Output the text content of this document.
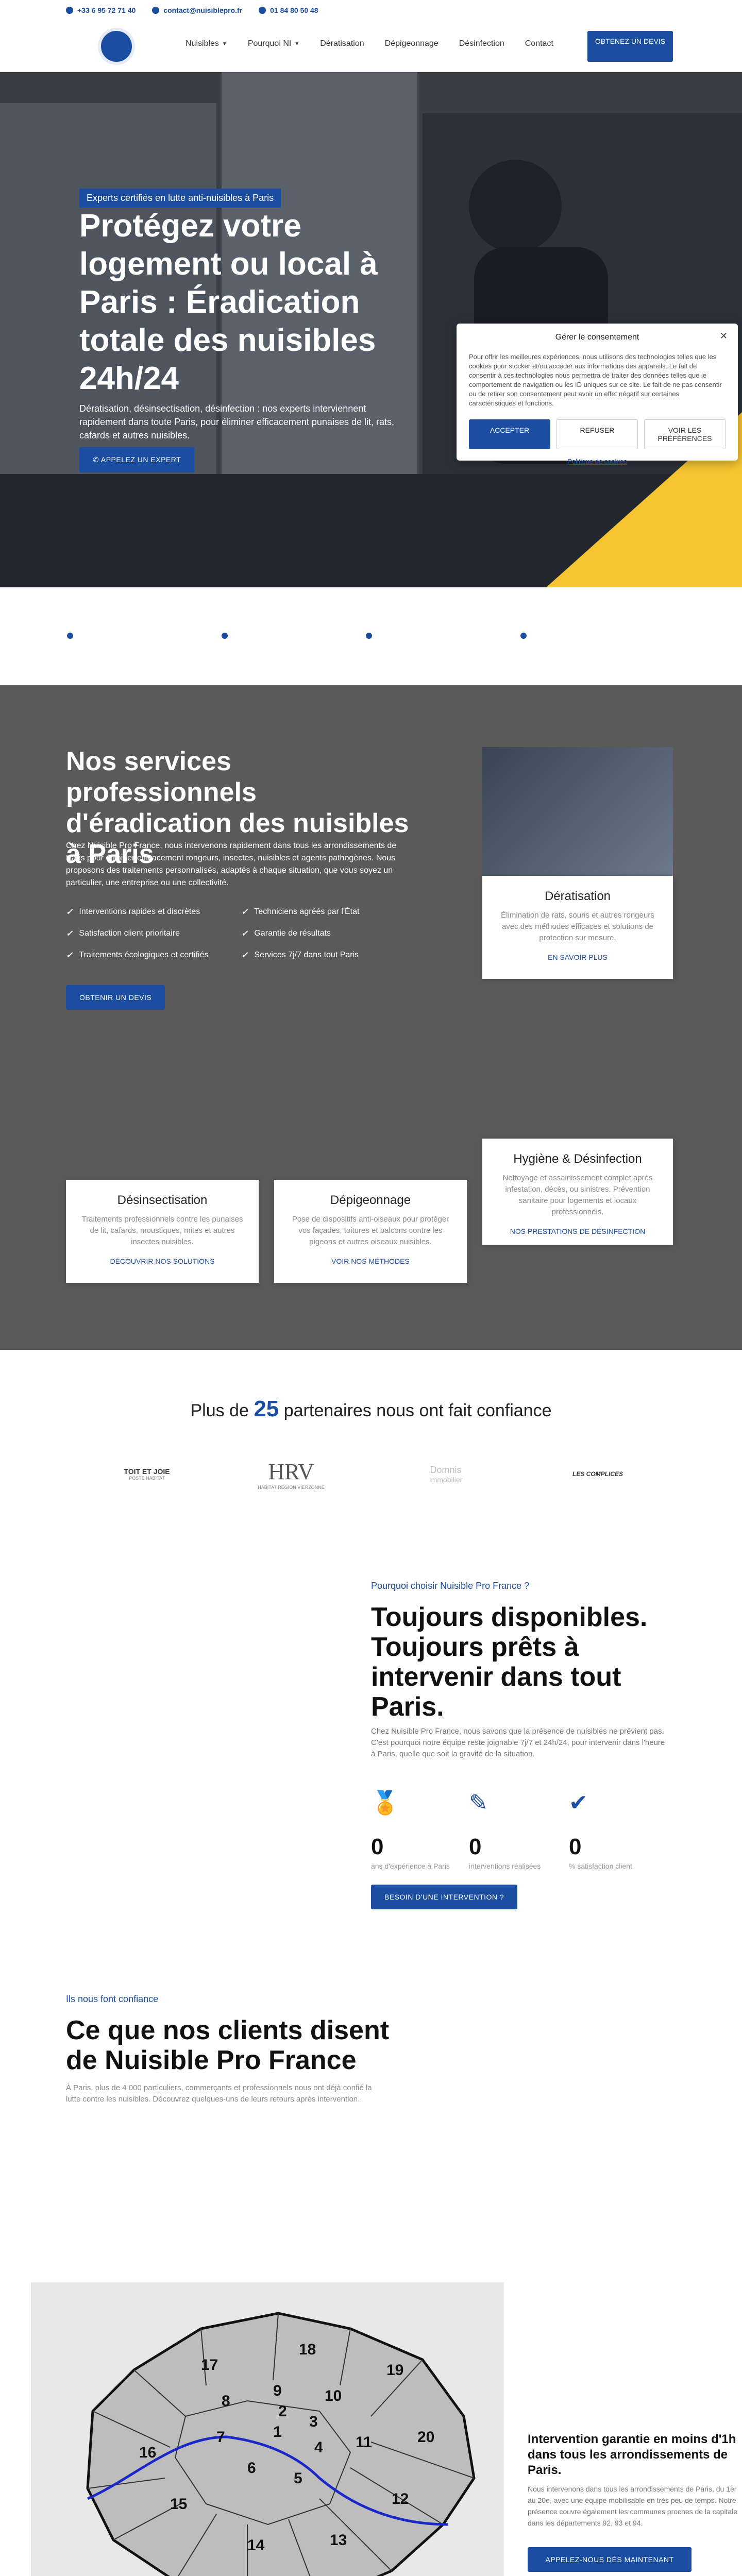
+33 6 95 72 71 40	contact@nuisiblepro.fr	01 84 80 50 48
Nuisibles ▼	Pourquoi NI ▼	Dératisation	Dépigeonnage	Désinfection	Contact	OBTENEZ UN DEVIS
Experts certifiés en lutte anti-nuisibles à Paris
Protégez votre logement ou local à Paris : Éradication totale des nuisibles 24h/24

Dératisation, désinsectisation, désinfection : nos experts interviennent rapidement dans toute Paris, pour éliminer efficacement punaises de lit, rats, cafards et autres nuisibles.

✆ APPELEZ UN EXPERT
✕
Gérer le consentement

Pour offrir les meilleures expériences, nous utilisons des technologies telles que les cookies pour stocker et/ou accéder aux informations des appareils. Le fait de consentir à ces technologies nous permettra de traiter des données telles que le comportement de navigation ou les ID uniques sur ce site. Le fait de ne pas consentir ou de retirer son consentement peut avoir un effet négatif sur certaines caractéristiques et fonctions.

ACCEPTER	REFUSER	VOIR LES PRÉFÉRENCES
Politique de cookies
Nos services professionnels d'éradication des nuisibles à Paris

Chez Nuisible Pro France, nous intervenons rapidement dans tous les arrondissements de Paris pour éliminer efficacement rongeurs, insectes, nuisibles et agents pathogènes. Nous proposons des traitements personnalisés, adaptés à chaque situation, que vous soyez un particulier, une entreprise ou une collectivité.

✓ Interventions rapides et discrètes	✓ Techniciens agréés par l'État
✓ Satisfaction client prioritaire	✓ Garantie de résultats
✓ Traitements écologiques et certifiés	✓ Services 7j/7 dans tout Paris
OBTENIR UN DEVIS
Dératisation

Élimination de rats, souris et autres rongeurs avec des méthodes efficaces et solutions de protection sur mesure.

EN SAVOIR PLUS
Hygiène & Désinfection

Nettoyage et assainissement complet après infestation, décès, ou sinistres. Prévention sanitaire pour logements et locaux professionnels.

NOS PRESTATIONS DE DÉSINFECTION
Désinsectisation

Traitements professionnels contre les punaises de lit, cafards, moustiques, mites et autres insectes nuisibles.

DÉCOUVRIR NOS SOLUTIONS
Dépigeonnage

Pose de dispositifs anti-oiseaux pour protéger vos façades, toitures et balcons contre les pigeons et autres oiseaux nuisibles.

VOIR NOS MÉTHODES
Plus de 25 partenaires nous ont fait confiance
TOIT ET JOIE
POSTE HABITAT	HRV
HABITAT REGION VIERZONNE
Domnis
Immobilier
LES COMPLICES
Pourquoi choisir Nuisible Pro France ?
Toujours disponibles. Toujours prêts à intervenir dans tout Paris.

Chez Nuisible Pro France, nous savons que la présence de nuisibles ne prévient pas. C'est pourquoi notre équipe reste joignable 7j/7 et 24h/24, pour intervenir dans l'heure à Paris, quelle que soit la gravité de la situation.

🏅
0
ans d'expérience à Paris
✎
0
interventions réalisées
✔
0
% satisfaction client
BESOIN D'UNE INTERVENTION ?
Ils nous font confiance
Ce que nos clients disent de Nuisible Pro France

À Paris, plus de 4 000 particuliers, commerçants et professionnels nous ont déjà confié la lutte contre les nuisibles. Découvrez quelques-uns de leurs retours après intervention.

1
2
3
4
5
6
7
8
9	10
11
12
13
14
15
16
17
18
19
20	Intervention garantie en moins d'1h dans tous les arrondissements de Paris.

Nous intervenons dans tous les arrondissements de Paris, du 1er au 20e, avec une équipe mobilisable en très peu de temps. Notre présence couvre également les communes proches de la capitale dans les départements 92, 93 et 94.

APPELEZ-NOUS DÈS MAINTENANT
